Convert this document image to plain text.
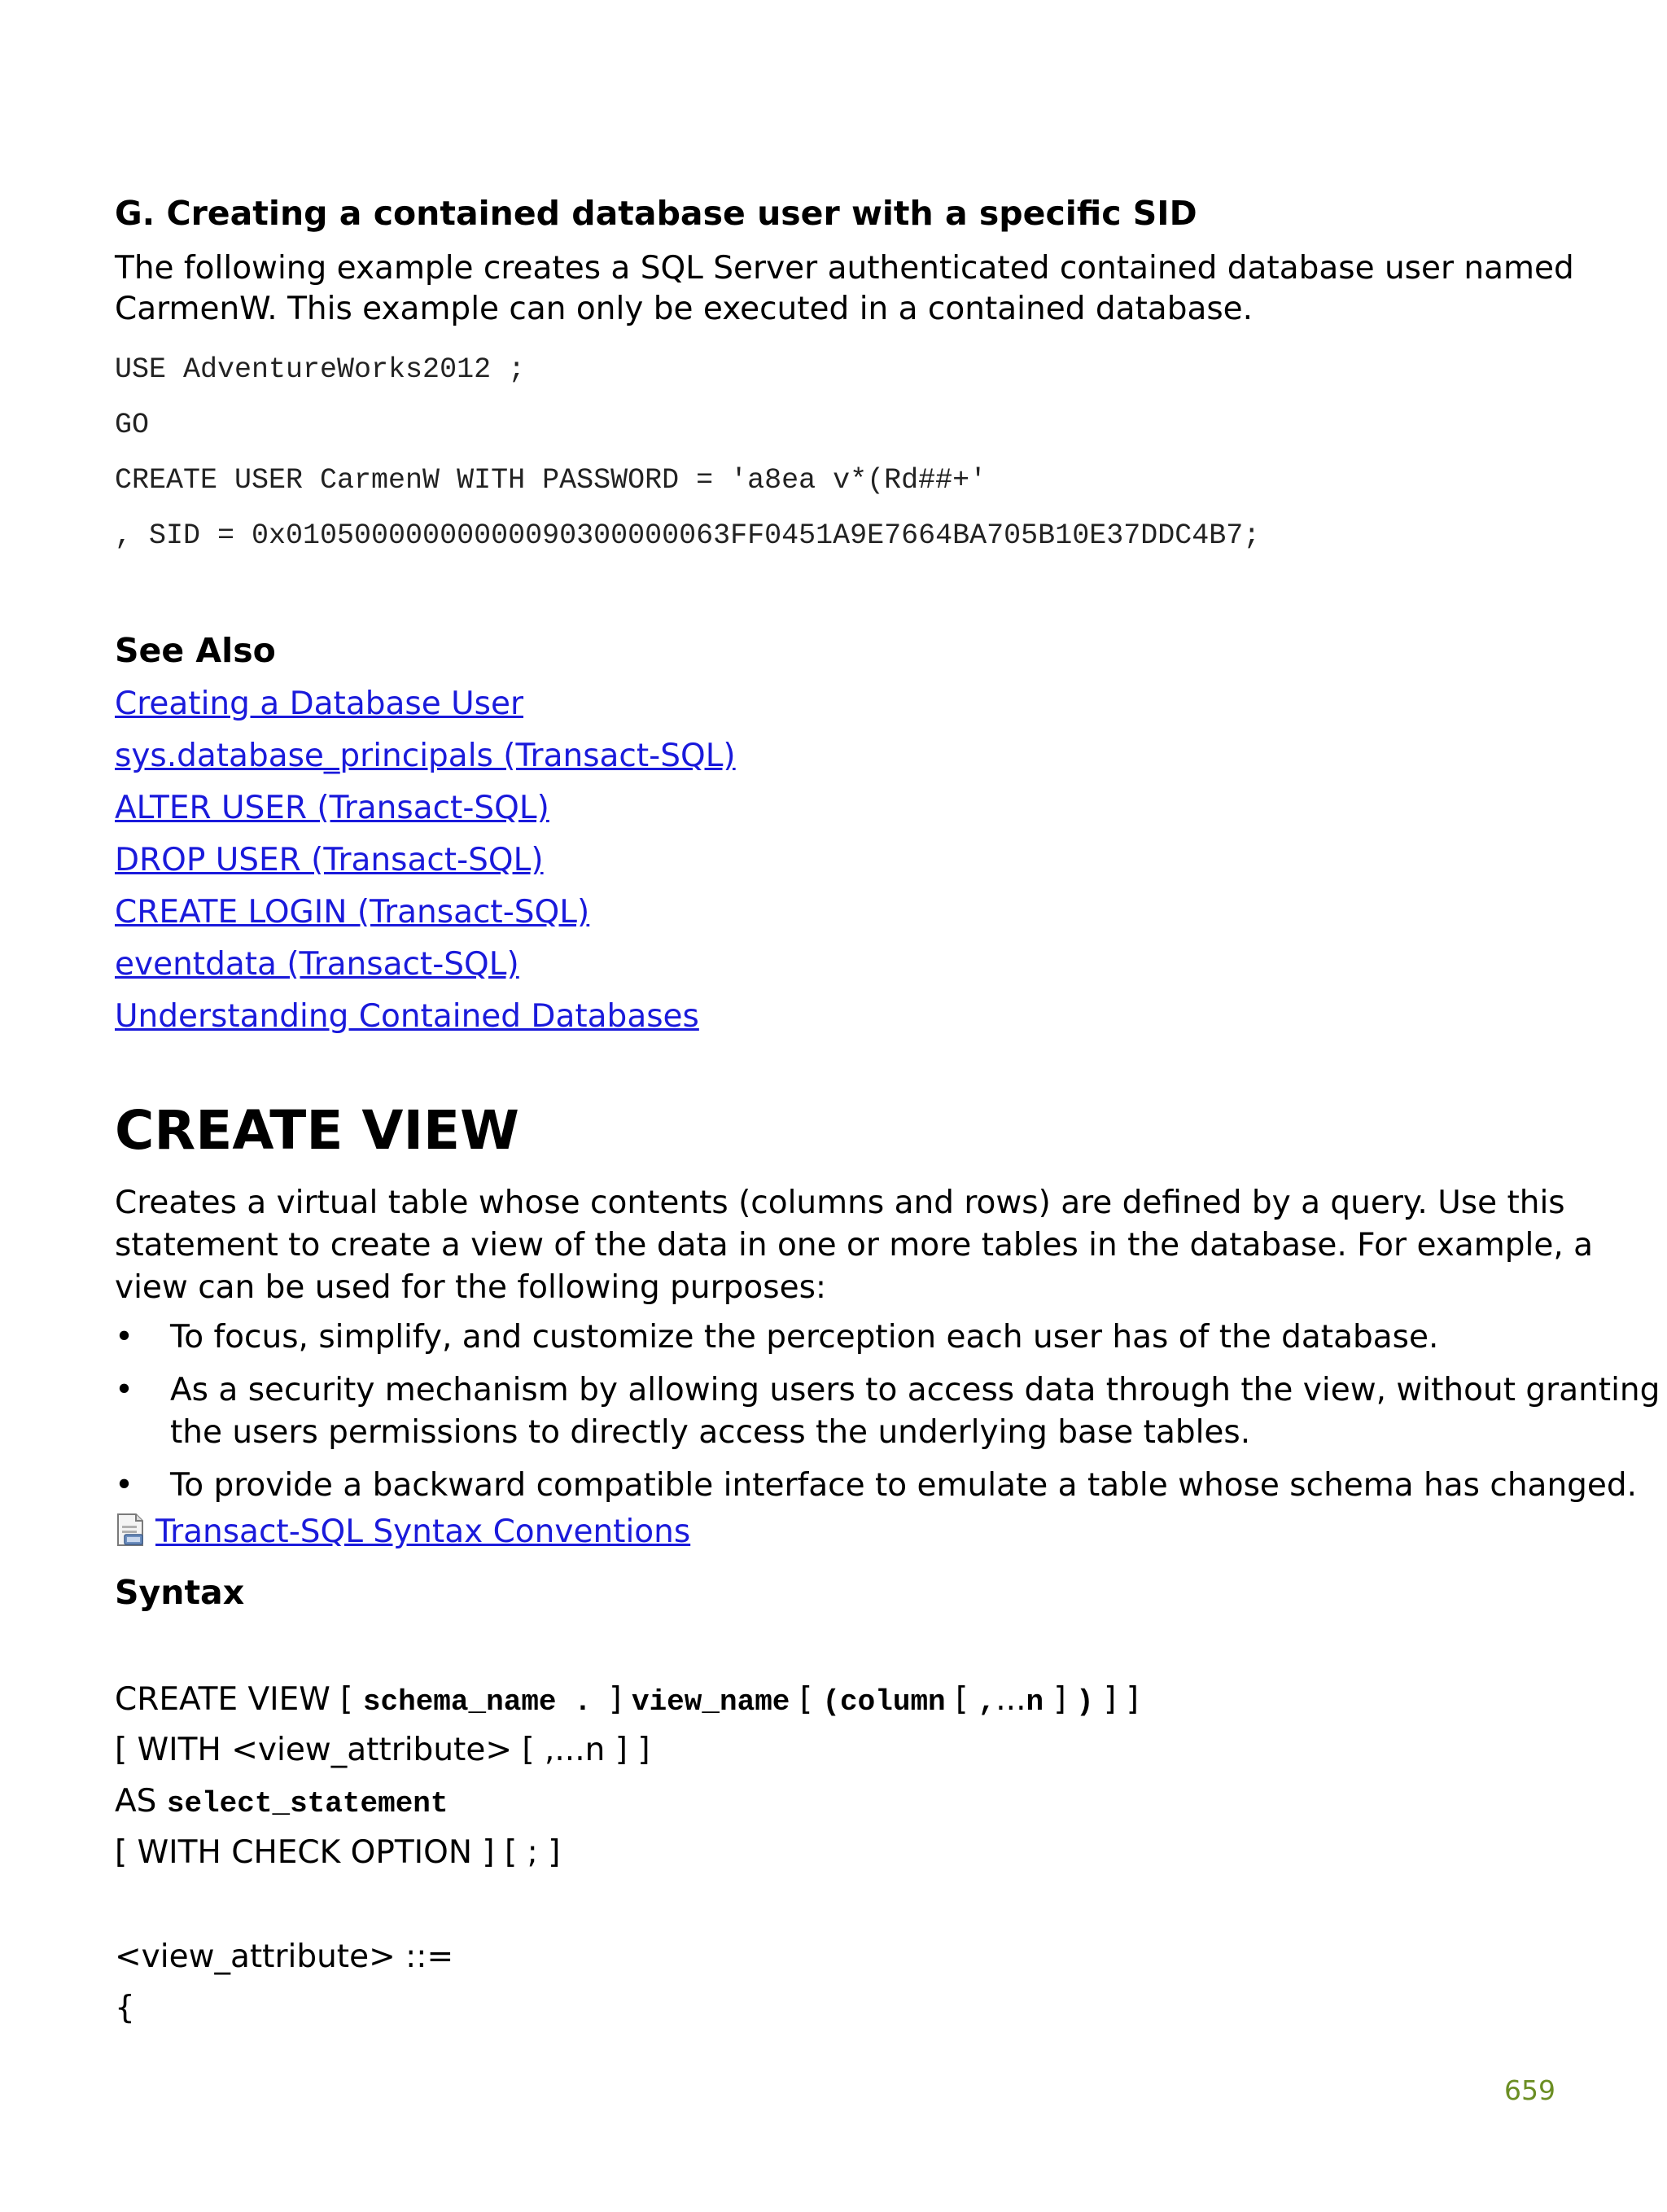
G. Creating a contained database user with a specific SID
The following example creates a SQL Server authenticated contained database user named
CarmenW. This example can only be executed in a contained database.
USE AdventureWorks2012 ;
GO
CREATE USER CarmenW WITH PASSWORD = 'a8ea v*(Rd##+'
, SID = 0x01050000000000090300000063FF0451A9E7664BA705B10E37DDC4B7;
See Also
Creating a Database User
sys.database_principals (Transact-SQL)
ALTER USER (Transact-SQL)
DROP USER (Transact-SQL)
CREATE LOGIN (Transact-SQL)
eventdata (Transact-SQL)
Understanding Contained Databases
CREATE VIEW
Creates a virtual table whose contents (columns and rows) are defined by a query. Use this
statement to create a view of the data in one or more tables in the database. For example, a
view can be used for the following purposes:
• To focus, simplify, and customize the perception each user has of the database.
• As a security mechanism by allowing users to access data through the view, without granting
the users permissions to directly access the underlying base tables.
• To provide a backward compatible interface to emulate a table whose schema has changed.
Transact-SQL Syntax Conventions
Syntax
CREATE VIEW [ schema_name . ] view_name [ (column [ ,...n ] ) ] ]
[ WITH <view_attribute> [ ,...n ] ]
AS select_statement
[ WITH CHECK OPTION ] [ ; ]
<view_attribute> ::=
{
659
